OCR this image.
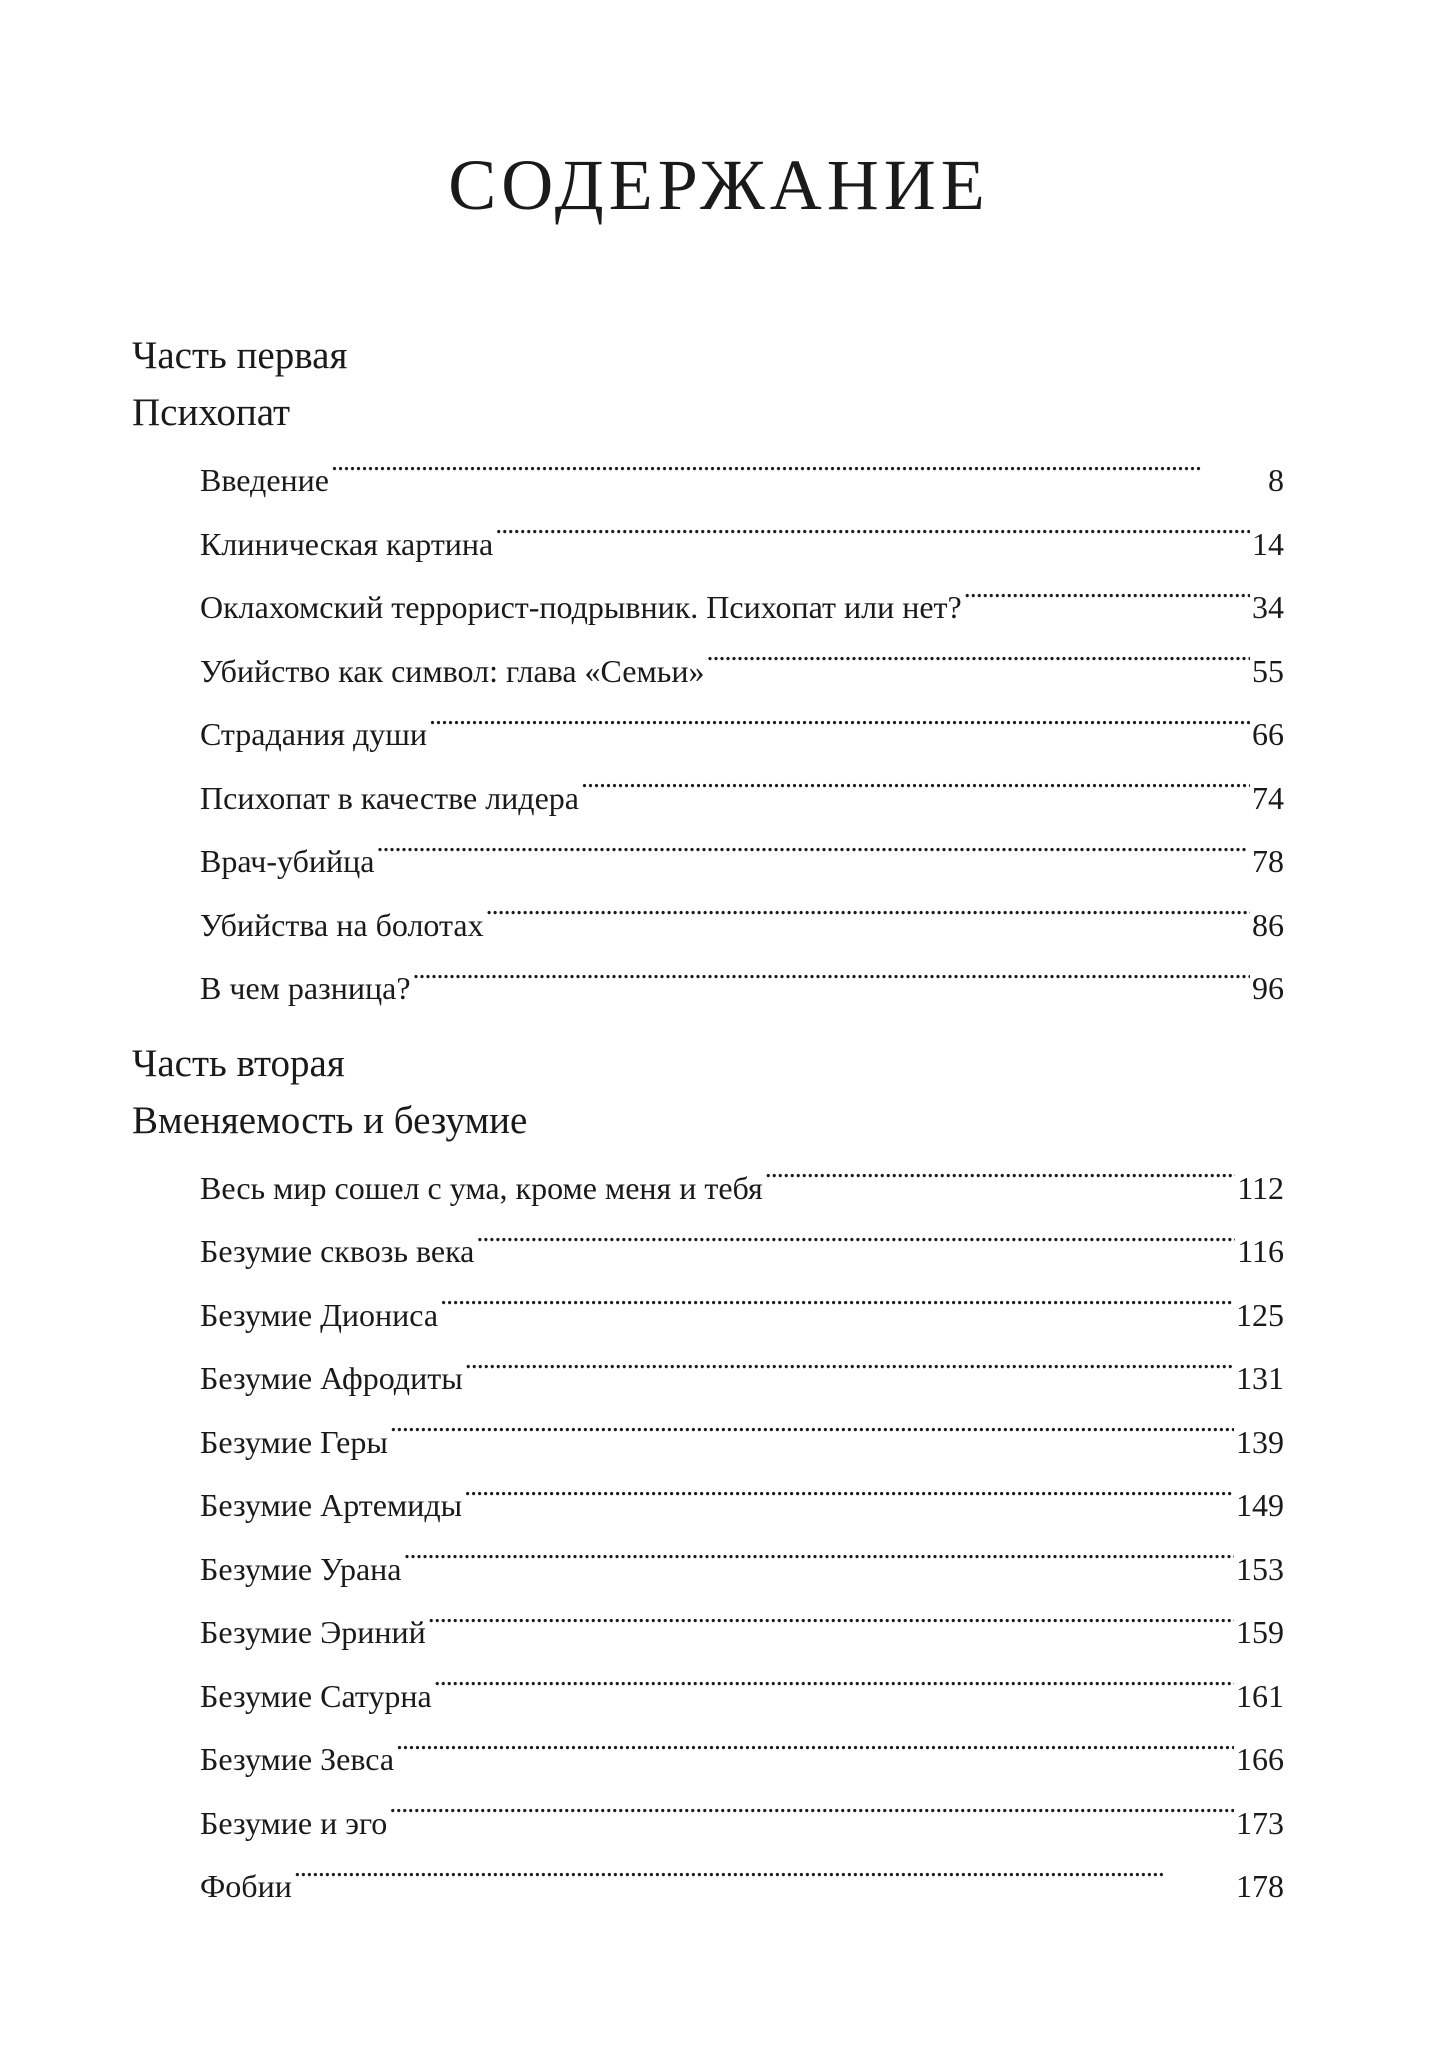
СОДЕРЖАНИЕ
Часть первая
Психопат
Введение . . .	8
Клиническая картина . . .	14
Оклахомский террорист-подрывник. Психопат или нет? . . .	34
Убийство как символ: глава «Семьи» . . .	55
Страдания души . . .	66
Психопат в качестве лидера . . .	74
Врач-убийца . . .	78
Убийства на болотах . . .	86
В чем разница? . . .	96
Часть вторая
Вменяемость и безумие
Весь мир сошел с ума, кроме меня и тебя . . .	112
Безумие сквозь века . . .	116
Безумие Диониса . . .	125
Безумие Афродиты . . .	131
Безумие Геры . . .	139
Безумие Артемиды . . .	149
Безумие Урана . . .	153
Безумие Эриний . . .	159
Безумие Сатурна . . .	161
Безумие Зевса . . .	166
Безумие и эго . . .	173
Фобии . . .	178
